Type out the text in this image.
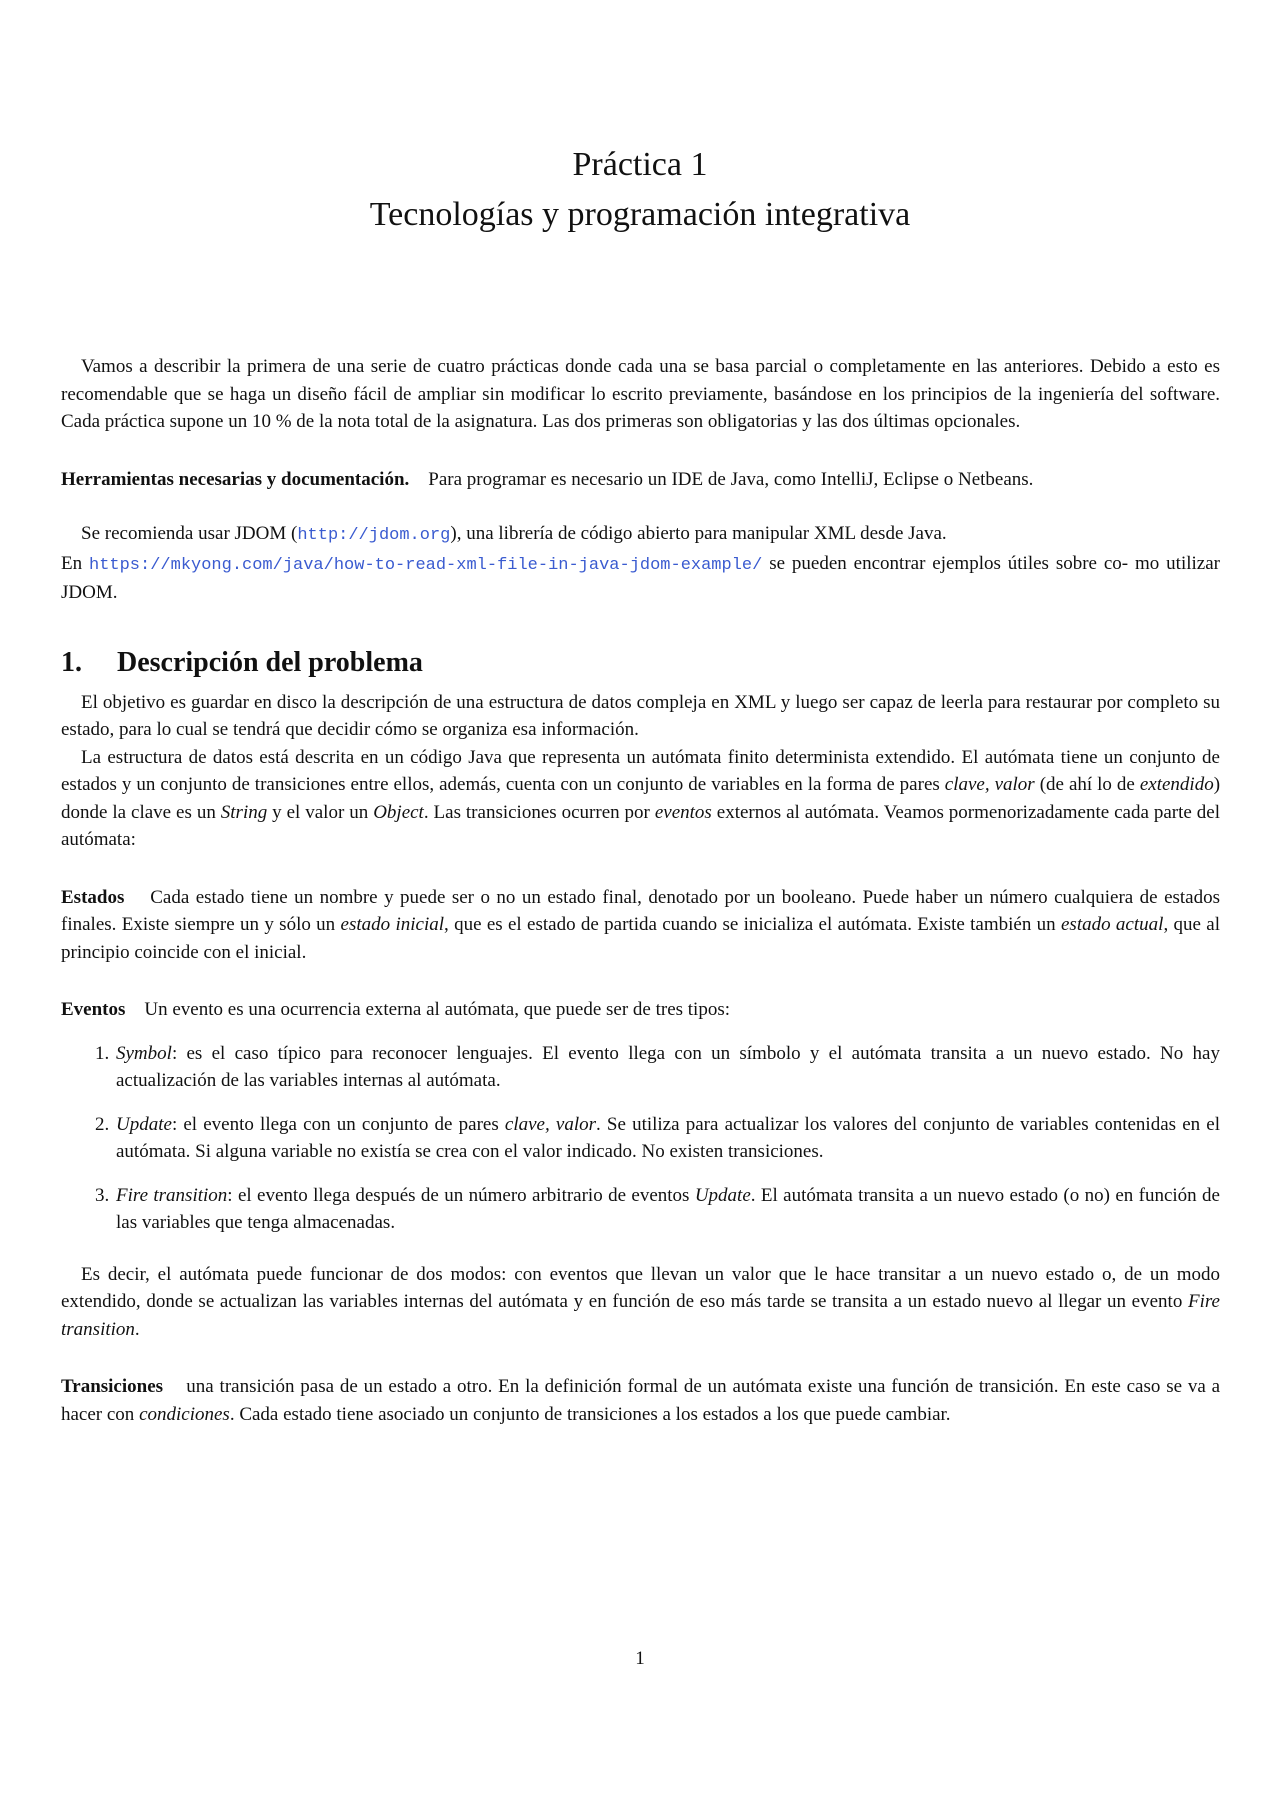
Práctica 1
Tecnologías y programación integrativa

Vamos a describir la primera de una serie de cuatro prácticas donde cada una se basa parcial o completamente en las anteriores. Debido a esto es recomendable que se haga un diseño fácil de ampliar sin modificar lo escrito previamente, basándose en los principios de la ingeniería del software. Cada práctica supone un 10 % de la nota total de la asignatura. Las dos primeras son obligatorias y las dos últimas opcionales.

Herramientas necesarias y documentación. Para programar es necesario un IDE de Java, como IntelliJ, Eclipse o Netbeans.

Se recomienda usar JDOM (http://jdom.org), una librería de código abierto para manipular XML desde Java.

En https://mkyong.com/java/how-to-read-xml-file-in-java-jdom-example/ se pueden encontrar ejemplos útiles sobre co- mo utilizar JDOM.

1. Descripción del problema

El objetivo es guardar en disco la descripción de una estructura de datos compleja en XML y luego ser capaz de leerla para restaurar por completo su estado, para lo cual se tendrá que decidir cómo se organiza esa información.

La estructura de datos está descrita en un código Java que representa un autómata finito determinista extendido. El autómata tiene un conjunto de estados y un conjunto de transiciones entre ellos, además, cuenta con un conjunto de variables en la forma de pares clave, valor (de ahí lo de extendido) donde la clave es un String y el valor un Object. Las transiciones ocurren por eventos externos al autómata. Veamos pormenorizadamente cada parte del autómata:

Estados Cada estado tiene un nombre y puede ser o no un estado final, denotado por un booleano. Puede haber un número cualquiera de estados finales. Existe siempre un y sólo un estado inicial, que es el estado de partida cuando se inicializa el autómata. Existe también un estado actual, que al principio coincide con el inicial.

Eventos Un evento es una ocurrencia externa al autómata, que puede ser de tres tipos:

1. Symbol: es el caso típico para reconocer lenguajes. El evento llega con un símbolo y el autómata transita a un nuevo estado. No hay actualización de las variables internas al autómata.
2. Update: el evento llega con un conjunto de pares clave, valor. Se utiliza para actualizar los valores del conjunto de variables contenidas en el autómata. Si alguna variable no existía se crea con el valor indicado. No existen transiciones.
3. Fire transition: el evento llega después de un número arbitrario de eventos Update. El autómata transita a un nuevo estado (o no) en función de las variables que tenga almacenadas.

Es decir, el autómata puede funcionar de dos modos: con eventos que llevan un valor que le hace transitar a un nuevo estado o, de un modo extendido, donde se actualizan las variables internas del autómata y en función de eso más tarde se transita a un estado nuevo al llegar un evento Fire transition.

Transiciones una transición pasa de un estado a otro. En la definición formal de un autómata existe una función de transición. En este caso se va a hacer con condiciones. Cada estado tiene asociado un conjunto de transiciones a los estados a los que puede cambiar.

1
